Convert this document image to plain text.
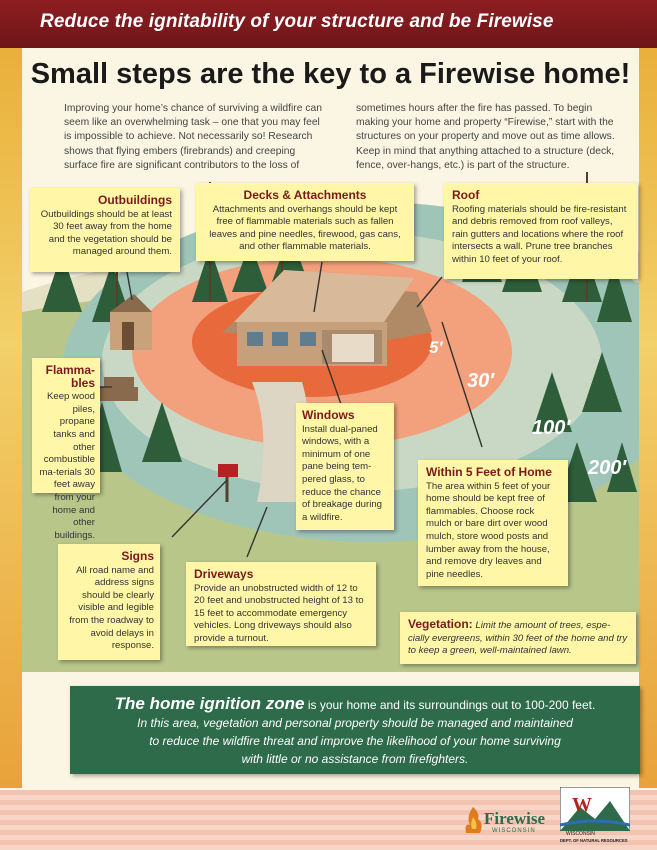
Reduce the ignitability of your structure and be Firewise
Small steps are the key to a Firewise home!
Improving your home’s chance of surviving a wildfire can seem like an overwhelming task – one that you may feel is impossible to achieve. Not necessarily so! Research shows that flying embers (firebrands) and creeping surface fire are significant contributors to the loss of
sometimes hours after the fire has passed. To begin making your home and property “Firewise,” start with the structures on your property and move out as time allows. Keep in mind that anything attached to a structure (deck, fence, over-hangs, etc.) is part of the structure.
5′
30′
100′
200′
Outbuildings
Outbuildings should be at least 30 feet away from the home and the vegetation should be managed around them.
Decks & Attachments
Attachments and overhangs should be kept free of flammable materials such as fallen leaves and pine needles, firewood, gas cans, and other flammable materials.
Roof
Roofing materials should be fire-resistant and debris removed from roof valleys, rain gutters and locations where the roof intersects a wall. Prune tree branches within 10 feet of your roof.
Flamma-bles
Keep wood piles, propane tanks and other combustible ma-terials 30 feet away from your home and other buildings.
Windows
Install dual-paned windows, with a minimum of one pane being tem-pered glass, to reduce the chance of breakage during a wildfire.
Within 5 Feet of Home
The area within 5 feet of your home should be kept free of flammables. Choose rock mulch or bare dirt over wood mulch, store wood posts and lumber away from the house, and remove dry leaves and pine needles.
Signs
All road name and address signs should be clearly visible and legible from the roadway to avoid delays in response.
Driveways
Provide an unobstructed width of 12 to 20 feet and unobstructed height of 13 to 15 feet to accommodate emergency vehicles. Long driveways should also provide a turnout.
Vegetation: Limit the amount of trees, espe-cially evergreens, within 30 feet of the home and try to keep a green, well-maintained lawn.
The home ignition zone is your home and its surroundings out to 100-200 feet.
In this area, vegetation and personal property should be managed and maintained
to reduce the wildfire threat and improve the likelihood of your home surviving
with little or no assistance from firefighters.
Firewise
WISCONSIN
W
WISCONSIN
DEPT. OF NATURAL RESOURCES
